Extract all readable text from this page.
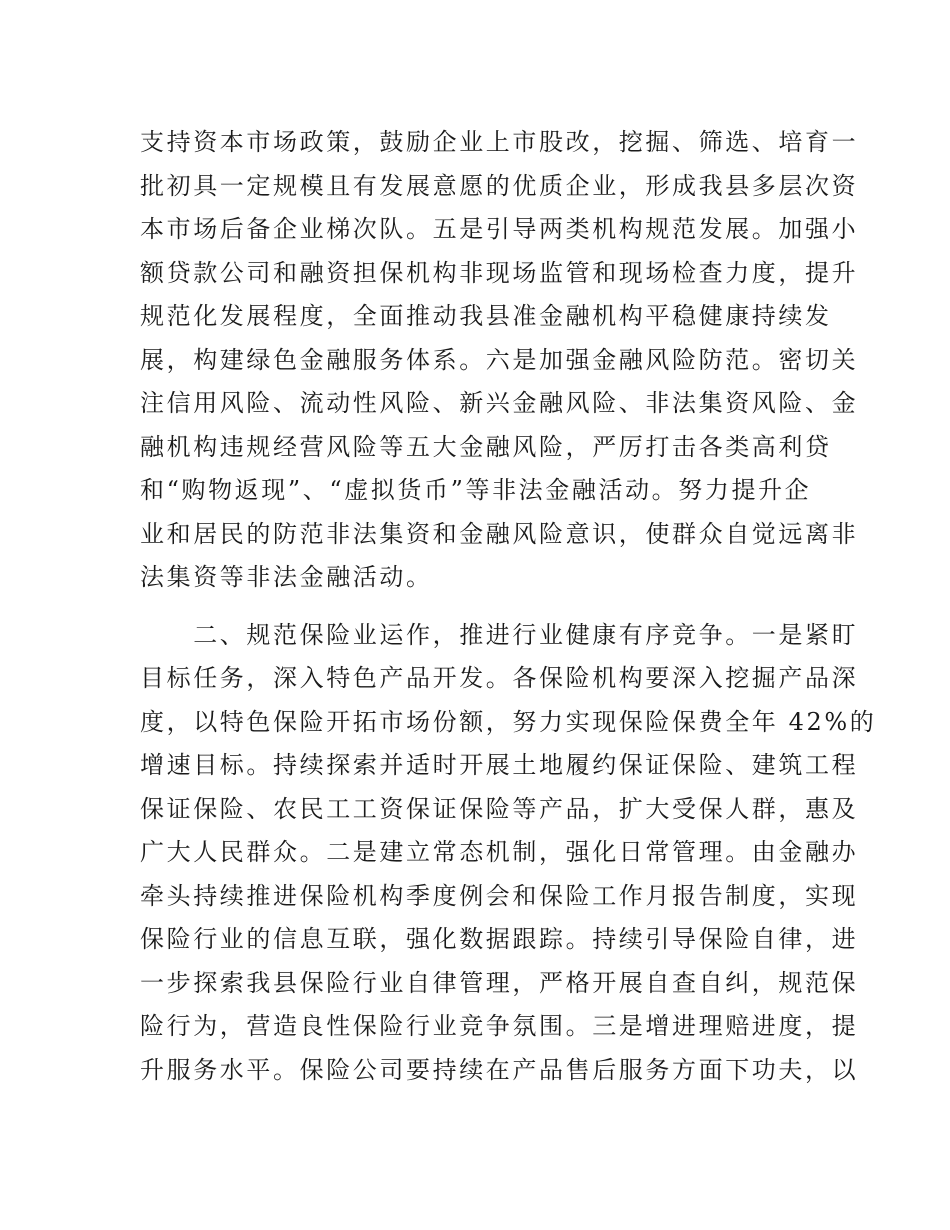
支持资本市场政策，鼓励企业上市股改，挖掘、筛选、培育一
批初具一定规模且有发展意愿的优质企业，形成我县多层次资
本市场后备企业梯次队。五是引导两类机构规范发展。加强小
额贷款公司和融资担保机构非现场监管和现场检查力度，提升
规范化发展程度，全面推动我县准金融机构平稳健康持续发
展，构建绿色金融服务体系。六是加强金融风险防范。密切关
注信用风险、流动性风险、新兴金融风险、非法集资风险、金
融机构违规经营风险等五大金融风险，严厉打击各类高利贷
和“购物返现”、“虚拟货币”等非法金融活动。努力提升企
业和居民的防范非法集资和金融风险意识，使群众自觉远离非
法集资等非法金融活动。
　　二、规范保险业运作，推进行业健康有序竞争。一是紧盯
目标任务，深入特色产品开发。各保险机构要深入挖掘产品深
度，以特色保险开拓市场份额，努力实现保险保费全年 42%的
增速目标。持续探索并适时开展土地履约保证保险、建筑工程
保证保险、农民工工资保证保险等产品，扩大受保人群，惠及
广大人民群众。二是建立常态机制，强化日常管理。由金融办
牵头持续推进保险机构季度例会和保险工作月报告制度，实现
保险行业的信息互联，强化数据跟踪。持续引导保险自律，进
一步探索我县保险行业自律管理，严格开展自查自纠，规范保
险行为，营造良性保险行业竞争氛围。三是增进理赔进度，提
升服务水平。保险公司要持续在产品售后服务方面下功夫，以
